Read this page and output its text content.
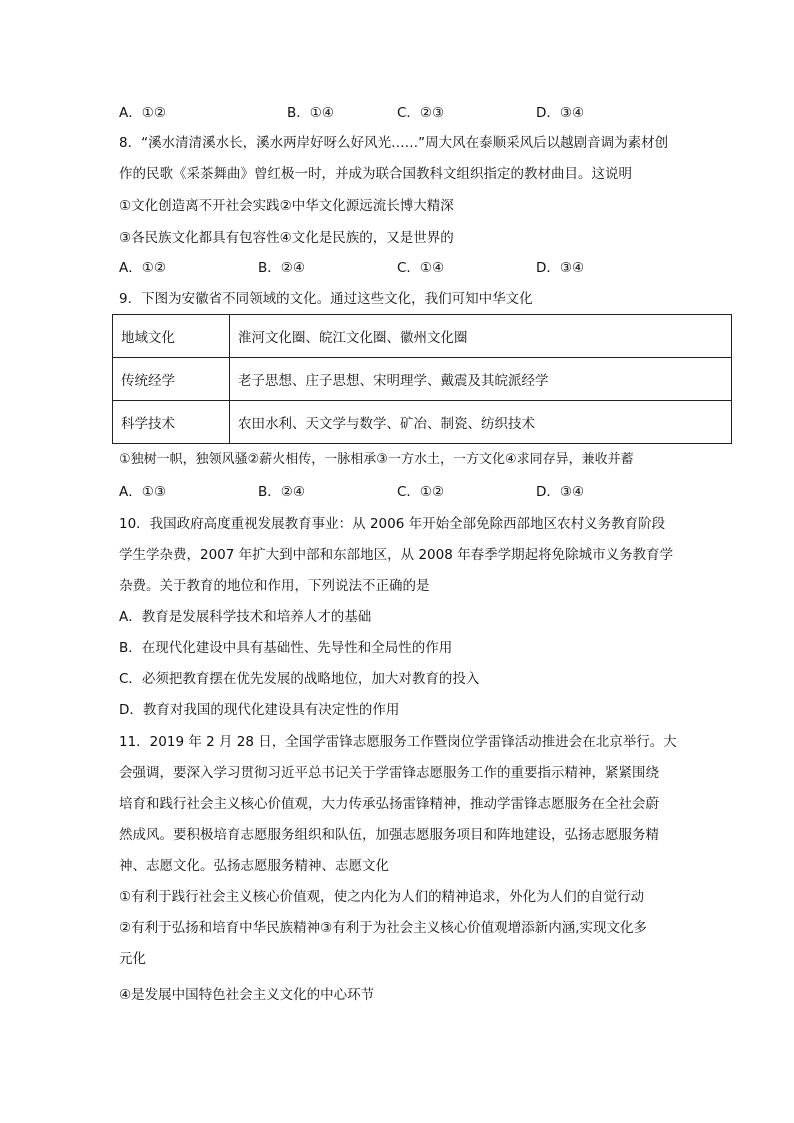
A．①②	B．①④	C．②③	D．③④
8．“溪水清清溪水长，溪水两岸好呀么好风光……”周大风在泰顺采风后以越剧音调为素材创
作的民歌《采茶舞曲》曾红极一时，并成为联合国教科文组织指定的教材曲目。这说明
①文化创造离不开社会实践②中华文化源远流长博大精深
③各民族文化都具有包容性④文化是民族的，又是世界的
A．①②	B．②④	C．①④	D．③④
9．下图为安徽省不同领域的文化。通过这些文化，我们可知中华文化
地域文化	淮河文化圈、皖江文化圈、徽州文化圈
传统经学	老子思想、庄子思想、宋明理学、戴震及其皖派经学
科学技术	农田水利、天文学与数学、矿冶、制瓷、纺织技术
①独树一帜，独领风骚②薪火相传，一脉相承③一方水土，一方文化④求同存异，兼收并蓄
A．①③	B．②④	C．①②	D．③④
10．我国政府高度重视发展教育事业：从 2006 年开始全部免除西部地区农村义务教育阶段
学生学杂费，2007 年扩大到中部和东部地区，从 2008 年春季学期起将免除城市义务教育学
杂费。关于教育的地位和作用，下列说法不正确的是
A．教育是发展科学技术和培养人才的基础
B．在现代化建设中具有基础性、先导性和全局性的作用
C．必须把教育摆在优先发展的战略地位，加大对教育的投入
D．教育对我国的现代化建设具有决定性的作用
11．2019 年 2 月 28 日，全国学雷锋志愿服务工作暨岗位学雷锋活动推进会在北京举行。大
会强调，要深入学习贯彻习近平总书记关于学雷锋志愿服务工作的重要指示精神，紧紧围绕
培育和践行社会主义核心价值观，大力传承弘扬雷锋精神，推动学雷锋志愿服务在全社会蔚
然成风。要积极培育志愿服务组织和队伍，加强志愿服务项目和阵地建设，弘扬志愿服务精
神、志愿文化。弘扬志愿服务精神、志愿文化
①有利于践行社会主义核心价值观，使之内化为人们的精神追求，外化为人们的自觉行动
②有利于弘扬和培育中华民族精神③有利于为社会主义核心价值观增添新内涵,实现文化多
元化
④是发展中国特色社会主义文化的中心环节
